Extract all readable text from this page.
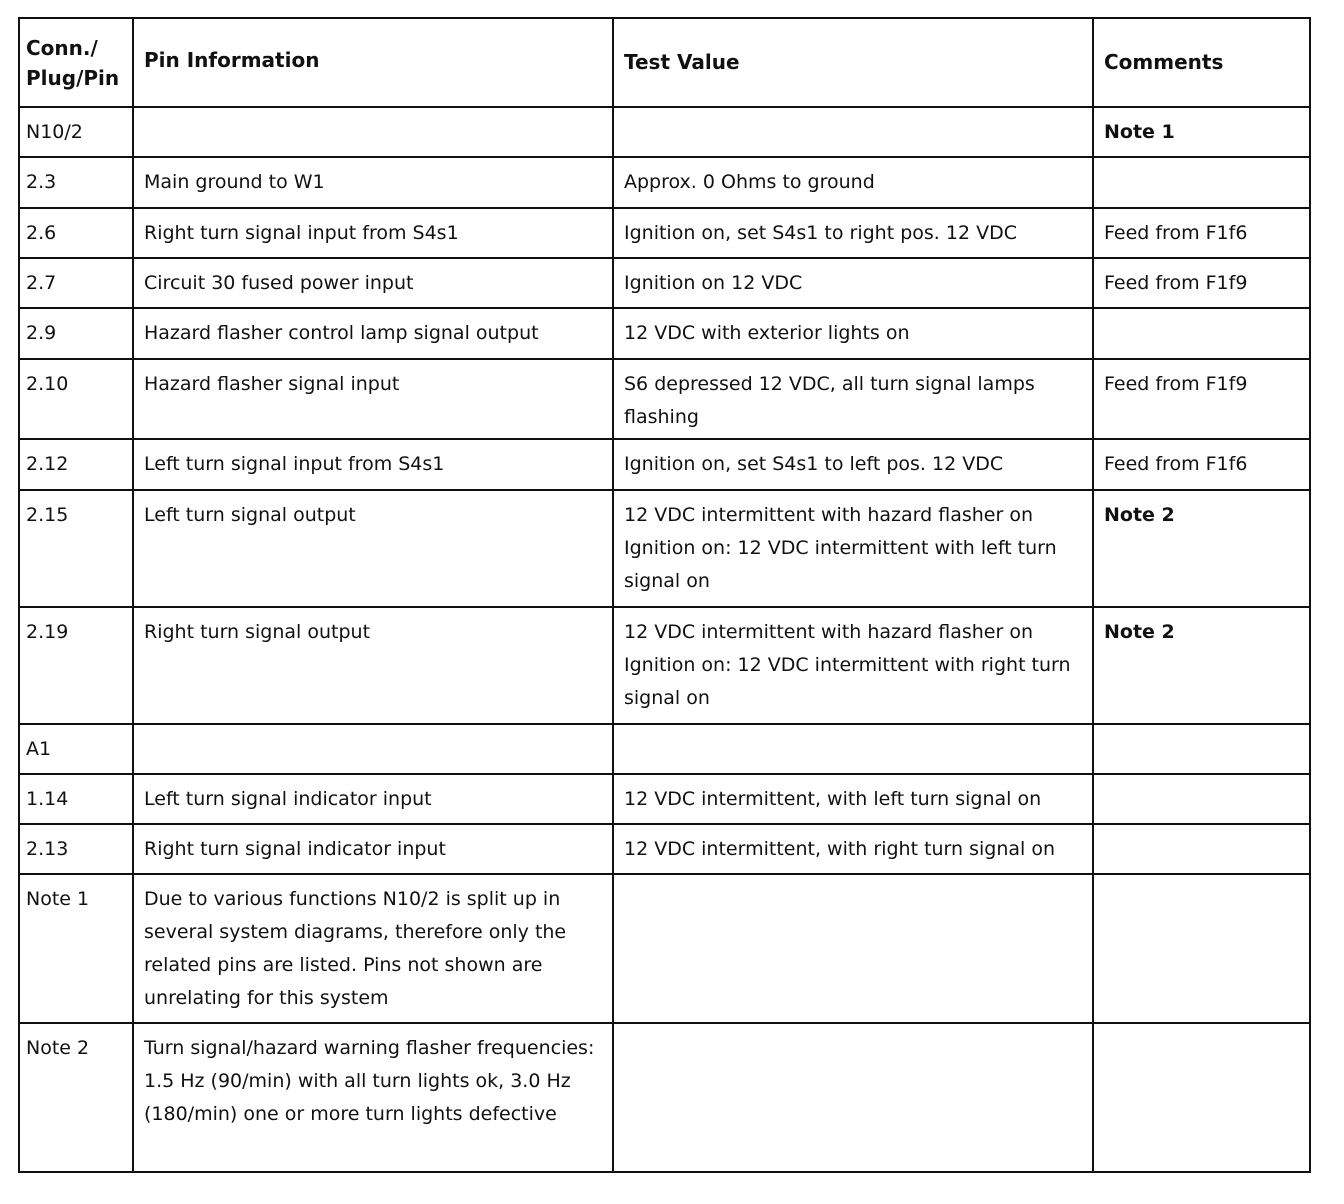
Conn./ Plug/Pin	Pin Information	Test Value	Comments
N10/2			Note 1
2.3	Main ground to W1	Approx. 0 Ohms to ground	
2.6	Right turn signal input from S4s1	Ignition on, set S4s1 to right pos. 12 VDC	Feed from F1f6
2.7	Circuit 30 fused power input	Ignition on 12 VDC	Feed from F1f9
2.9	Hazard flasher control lamp signal output	12 VDC with exterior lights on	
2.10	Hazard flasher signal input	S6 depressed 12 VDC, all turn signal lamps flashing	Feed from F1f9
2.12	Left turn signal input from S4s1	Ignition on, set S4s1 to left pos. 12 VDC	Feed from F1f6
2.15	Left turn signal output	12 VDC intermittent with hazard flasher on Ignition on: 12 VDC intermittent with left turn signal on	Note 2
2.19	Right turn signal output	12 VDC intermittent with hazard flasher on Ignition on: 12 VDC intermittent with right turn signal on	Note 2
A1			
1.14	Left turn signal indicator input	12 VDC intermittent, with left turn signal on	
2.13	Right turn signal indicator input	12 VDC intermittent, with right turn signal on	
Note 1	Due to various functions N10/2 is split up in several system diagrams, therefore only the related pins are listed. Pins not shown are unrelating for this system		
Note 2	Turn signal/hazard warning flasher frequencies: 1.5 Hz (90/min) with all turn lights ok, 3.0 Hz (180/min) one or more turn lights defective		
